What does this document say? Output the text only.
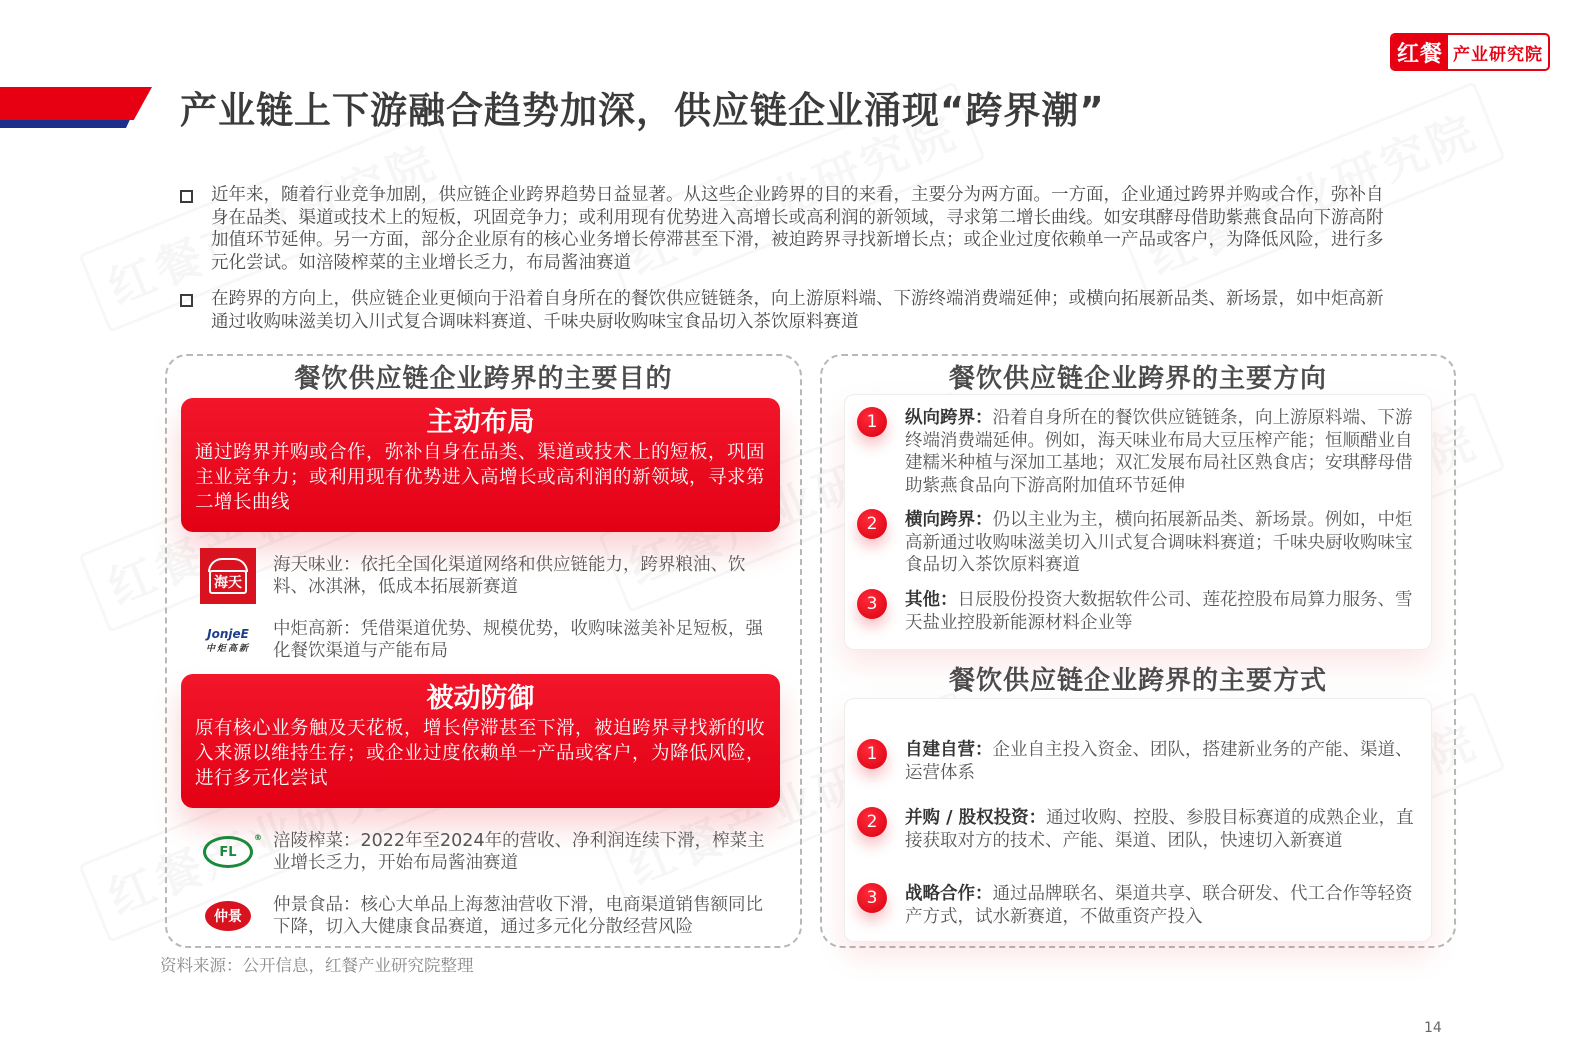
红餐 产业研究院
产业链上下游融合趋势加深，供应链企业涌现“跨界潮”

近年来，随着行业竞争加剧，供应链企业跨界趋势日益显著。从这些企业跨界的目的来看，主要分为两方面。一方面，企业通过跨界并购或合作，弥补自身在品类、渠道或技术上的短板，巩固竞争力；或利用现有优势进入高增长或高利润的新领域，寻求第二增长曲线。如安琪酵母借助紫燕食品向下游高附加值环节延伸。另一方面，部分企业原有的核心业务增长停滞甚至下滑，被迫跨界寻找新增长点；或企业过度依赖单一产品或客户，为降低风险，进行多元化尝试。如涪陵榨菜的主业增长乏力，布局酱油赛道

在跨界的方向上，供应链企业更倾向于沿着自身所在的餐饮供应链链条，向上游原料端、下游终端消费端延伸；或横向拓展新品类、新场景，如中炬高新通过收购味滋美切入川式复合调味料赛道、千味央厨收购味宝食品切入茶饮原料赛道

餐饮供应链企业跨界的主要目的
主动布局
通过跨界并购或合作，弥补自身在品类、渠道或技术上的短板，巩固主业竞争力；或利用现有优势进入高增长或高利润的新领域，寻求第二增长曲线
海天
海天味业：依托全国化渠道网络和供应链能力，跨界粮油、饮料、冰淇淋，低成本拓展新赛道
JonjeE
中炬高新
中炬高新：凭借渠道优势、规模优势，收购味滋美补足短板，强化餐饮渠道与产能布局
被动防御
原有核心业务触及天花板，增长停滞甚至下滑，被迫跨界寻找新的收入来源以维持生存；或企业过度依赖单一产品或客户，为降低风险，进行多元化尝试
FL
® 涪陵榨菜：2022年至2024年的营收、净利润连续下滑，榨菜主业增长乏力，开始布局酱油赛道
仲景
仲景食品：核心大单品上海葱油营收下滑，电商渠道销售额同比下降，切入大健康食品赛道，通过多元化分散经营风险
餐饮供应链企业跨界的主要方向
1	纵向跨界：沿着自身所在的餐饮供应链链条，向上游原料端、下游终端消费端延伸。例如，海天味业布局大豆压榨产能；恒顺醋业自建糯米种植与深加工基地；双汇发展布局社区熟食店；安琪酵母借助紫燕食品向下游高附加值环节延伸

2	横向跨界：仍以主业为主，横向拓展新品类、新场景。例如，中炬高新通过收购味滋美切入川式复合调味料赛道；千味央厨收购味宝食品切入茶饮原料赛道

3	其他：日辰股份投资大数据软件公司、莲花控股布局算力服务、雪天盐业控股新能源材料企业等

餐饮供应链企业跨界的主要方式
1	自建自营：企业自主投入资金、团队，搭建新业务的产能、渠道、运营体系

2	并购 / 股权投资：通过收购、控股、参股目标赛道的成熟企业，直接获取对方的技术、产能、渠道、团队，快速切入新赛道

3	战略合作：通过品牌联名、渠道共享、联合研发、代工合作等轻资产方式，试水新赛道，不做重资产投入

资料来源：公开信息，红餐产业研究院整理
14
